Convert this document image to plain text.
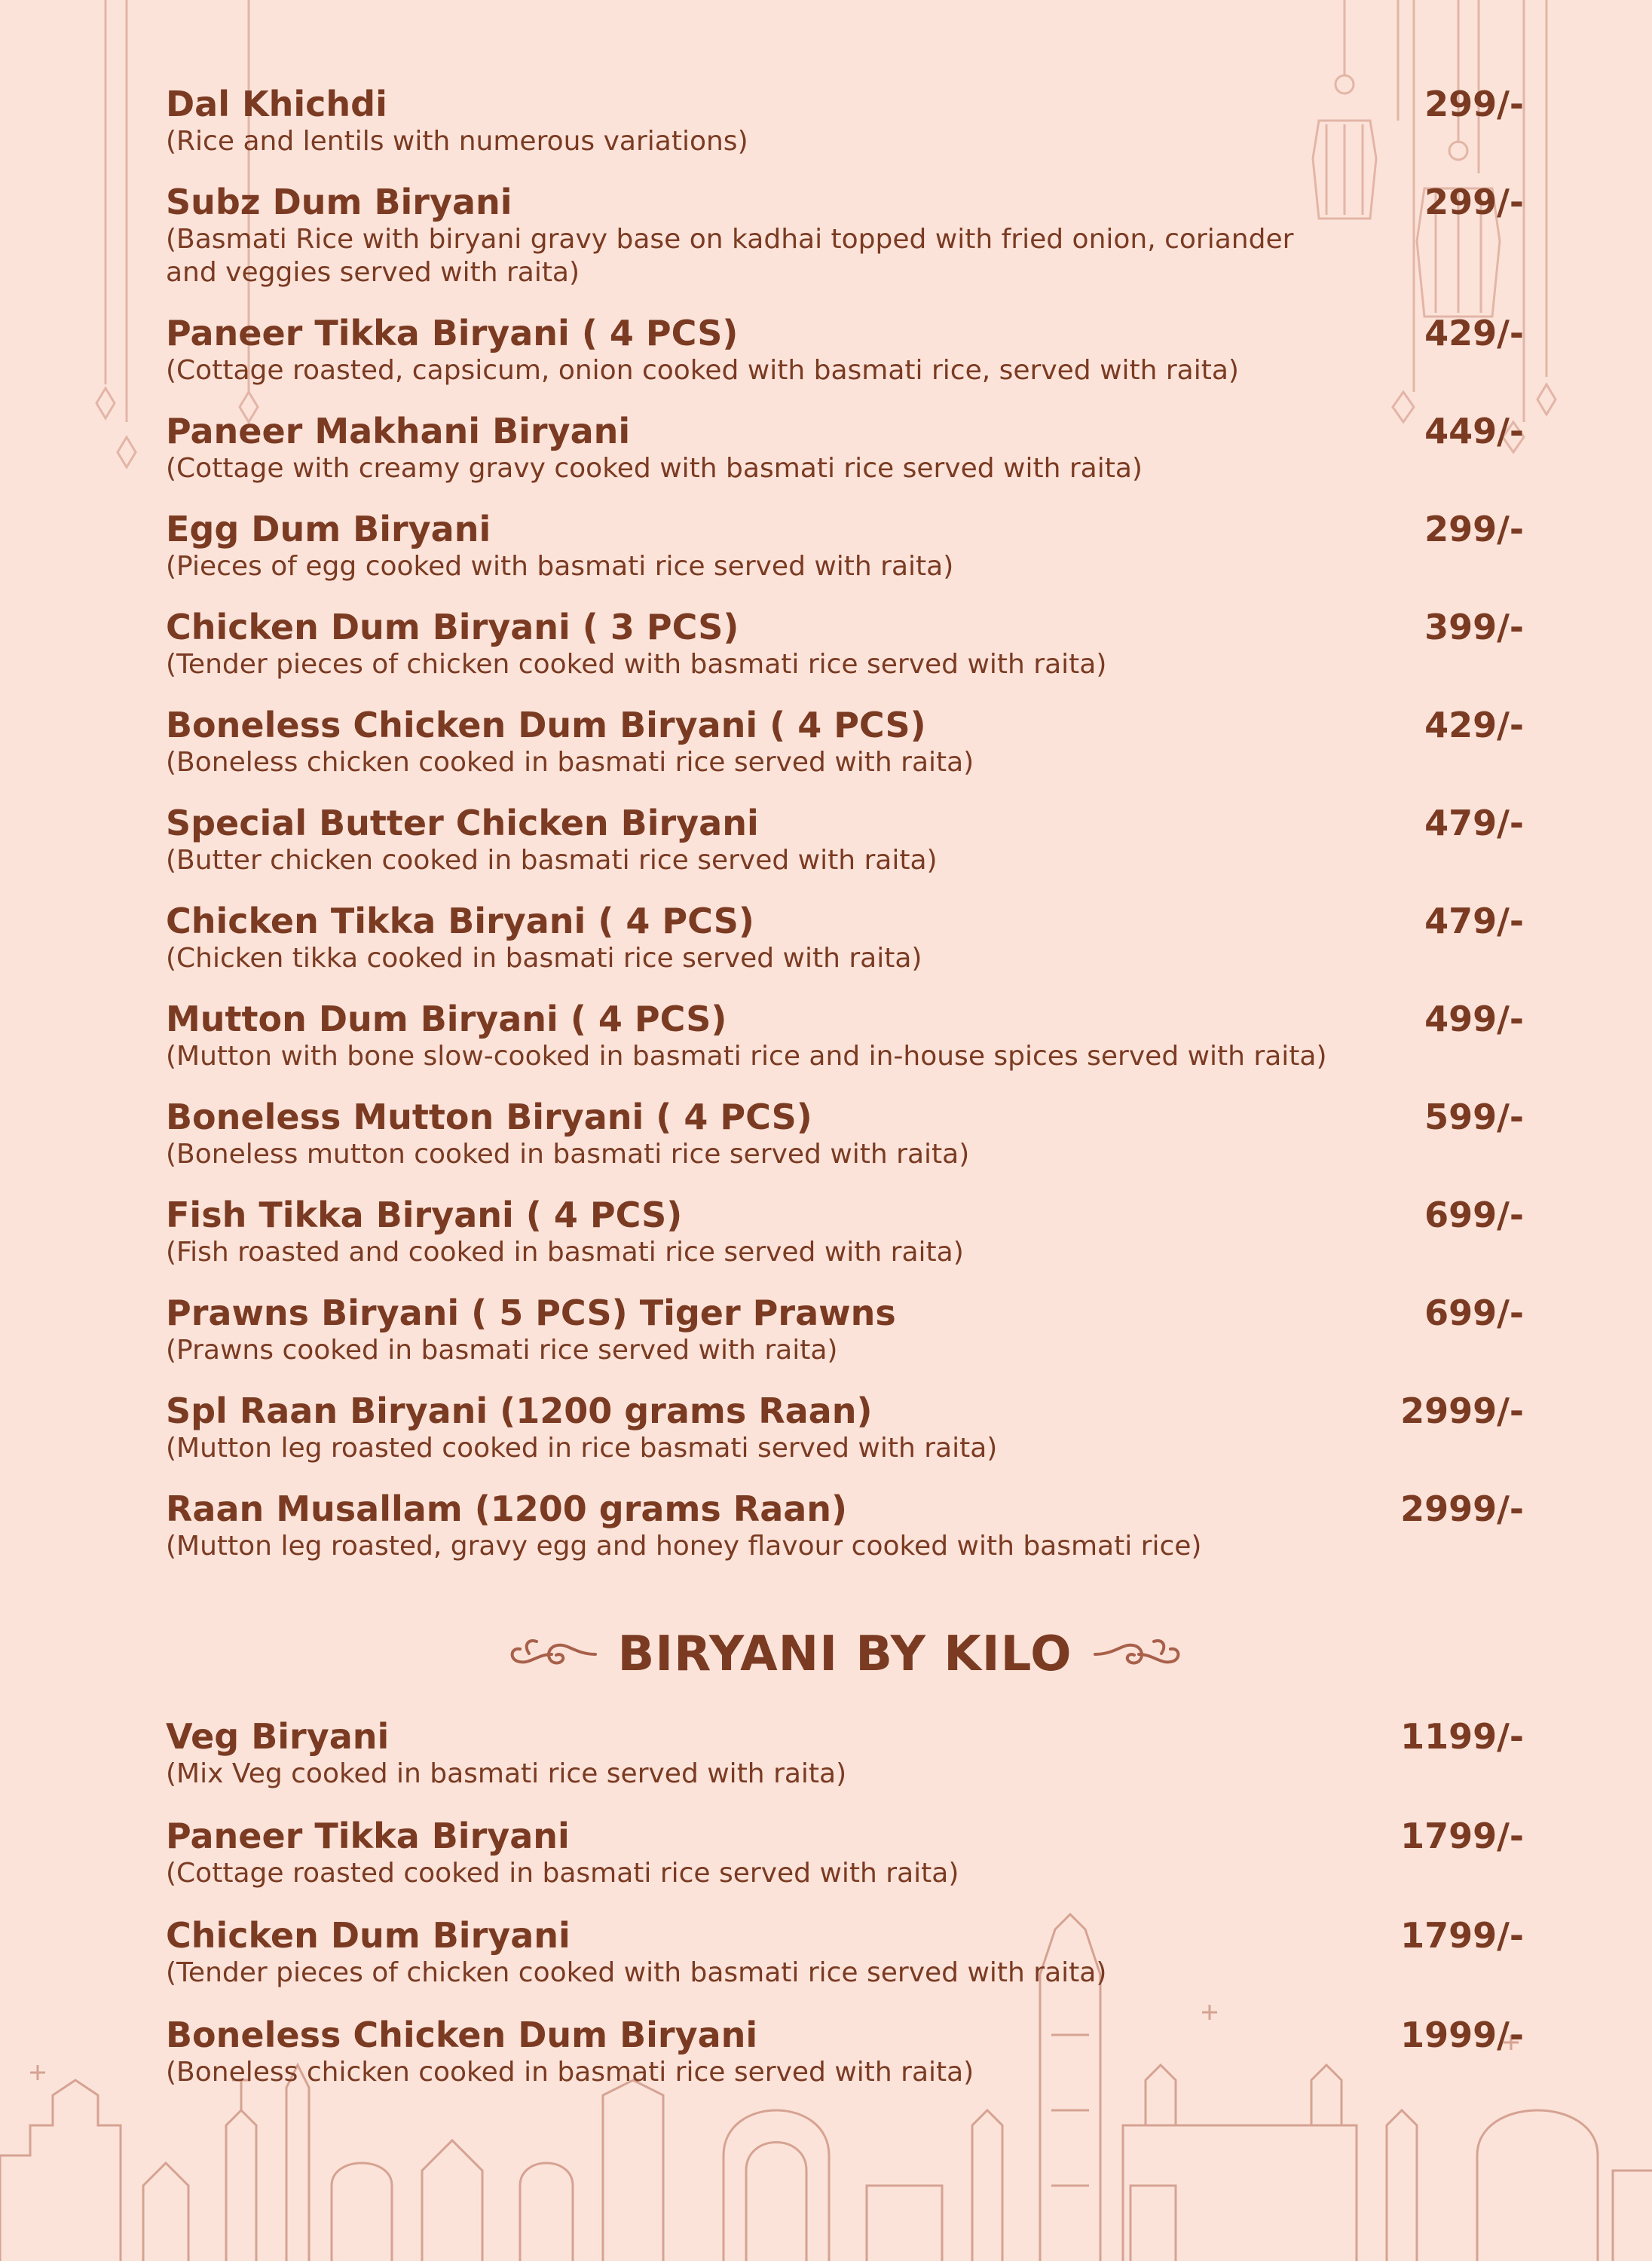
Dal Khichdi
(Rice and lentils with numerous variations)
299/-
Subz Dum Biryani
(Basmati Rice with biryani gravy base on kadhai topped with fried onion, coriander and veggies served with raita)
299/-
Paneer Tikka Biryani ( 4 PCS)
(Cottage roasted, capsicum, onion cooked with basmati rice, served with raita)
429/-
Paneer Makhani Biryani
(Cottage with creamy gravy cooked with basmati rice served with raita)
449/-
Egg Dum Biryani
(Pieces of egg cooked with basmati rice served with raita)
299/-
Chicken Dum Biryani ( 3 PCS)
(Tender pieces of chicken cooked with basmati rice served with raita)
399/-
Boneless Chicken Dum Biryani ( 4 PCS)
(Boneless chicken cooked in basmati rice served with raita)
429/-
Special Butter Chicken Biryani
(Butter chicken cooked in basmati rice served with raita)
479/-
Chicken Tikka Biryani ( 4 PCS)
(Chicken tikka cooked in basmati rice served with raita)
479/-
Mutton Dum Biryani ( 4 PCS)
(Mutton with bone slow-cooked in basmati rice and in-house spices served with raita)
499/-
Boneless Mutton Biryani ( 4 PCS)
(Boneless mutton cooked in basmati rice served with raita)
599/-
Fish Tikka Biryani ( 4 PCS)
(Fish roasted and cooked in basmati rice served with raita)
699/-
Prawns Biryani ( 5 PCS) Tiger Prawns
(Prawns cooked in basmati rice served with raita)
699/-
Spl Raan Biryani (1200 grams Raan)
(Mutton leg roasted cooked in rice basmati served with raita)
2999/-
Raan Musallam (1200 grams Raan)
(Mutton leg roasted, gravy egg and honey flavour cooked with basmati rice)
2999/-
BIRYANI BY KILO
Veg Biryani
(Mix Veg cooked in basmati rice served with raita)
1199/-
Paneer Tikka Biryani
(Cottage roasted cooked in basmati rice served with raita)
1799/-
Chicken Dum Biryani
(Tender pieces of chicken cooked with basmati rice served with raita)
1799/-
Boneless Chicken Dum Biryani
(Boneless chicken cooked in basmati rice served with raita)
1999/-
